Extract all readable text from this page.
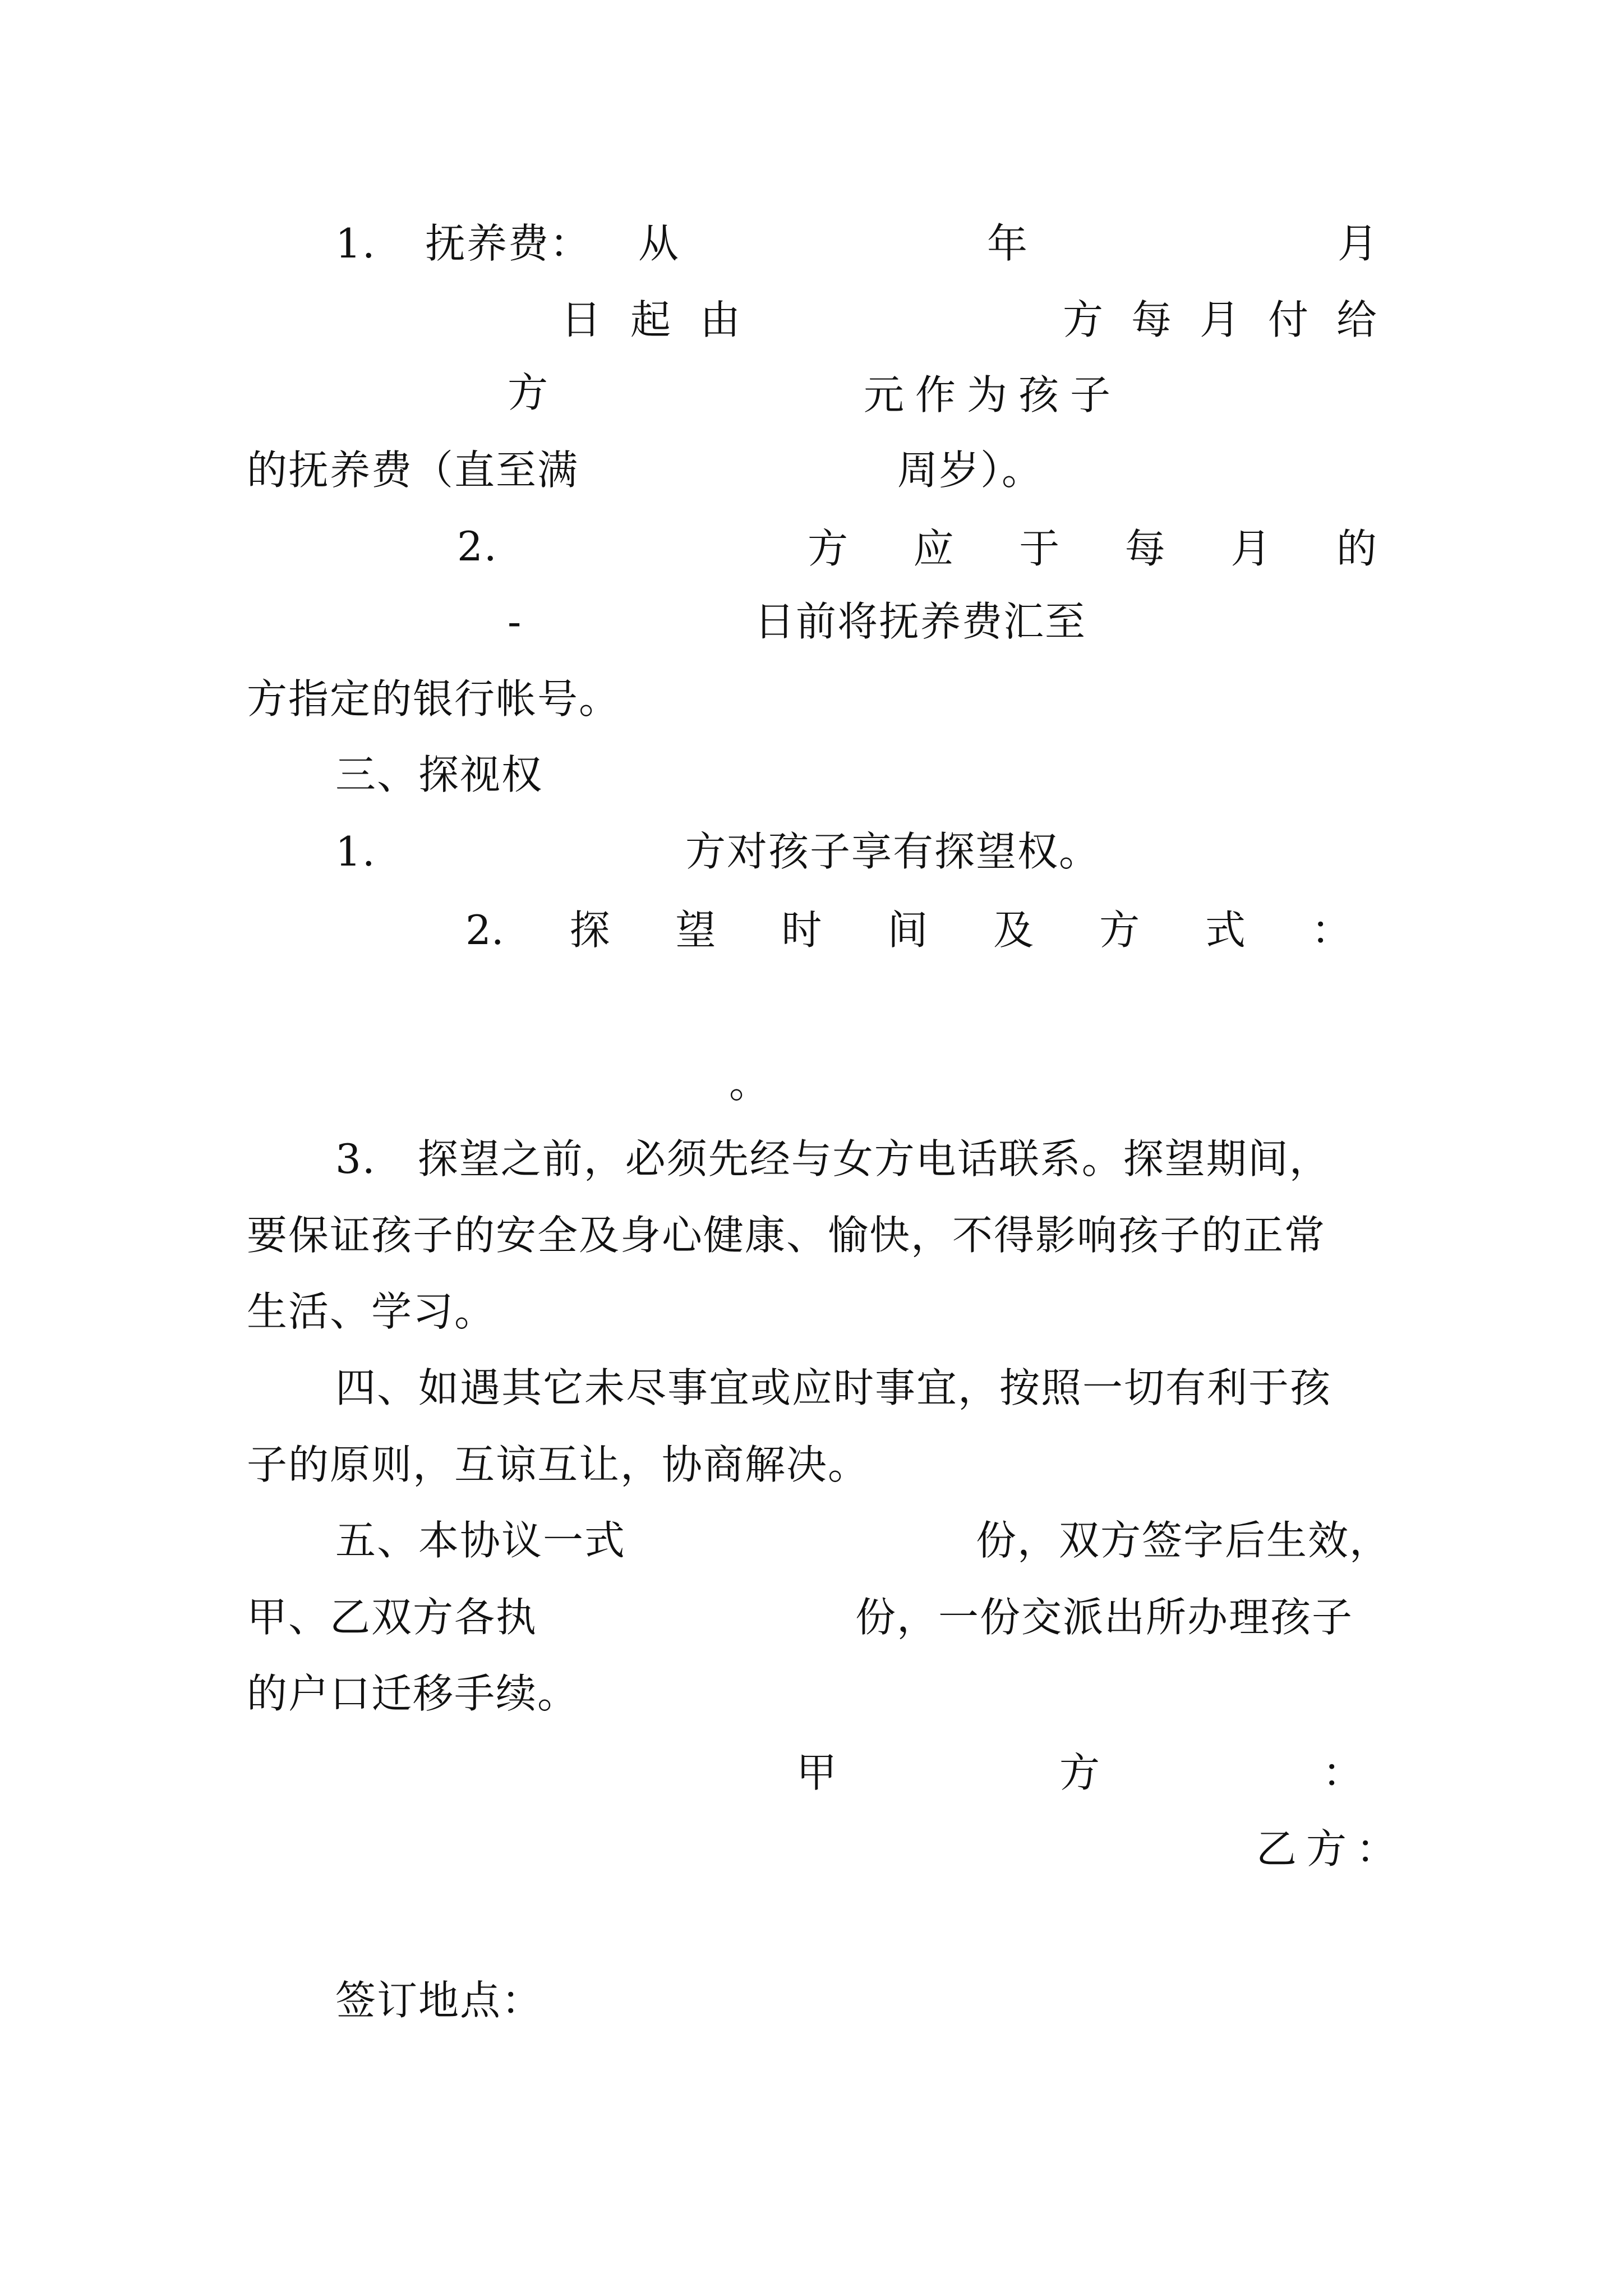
1. 抚养费： 从	年	月
日 起 由	方 每 月 付 给
方	元 作 为 孩 子
的抚养费（直至满	周岁）。
2.	方 应 于 每 月 的
-	日前将抚养费汇至
方指定的银行帐号。
三、探视权
1.	方对孩子享有探望权。
2. 探 望 时 间 及 方 式 ：
。
3.　探望之前，必须先经与女方电话联系。探望期间，
要保证孩子的安全及身心健康、愉快，不得影响孩子的正常
生活、学习。
四、如遇其它未尽事宜或应时事宜，按照一切有利于孩
子的原则，互谅互让，协商解决。
五、本协议一式	份，双方签字后生效，
甲、乙双方各执	份，一份交派出所办理孩子
的户口迁移手续。
甲	方	：
乙 方 ：
签订地点：
